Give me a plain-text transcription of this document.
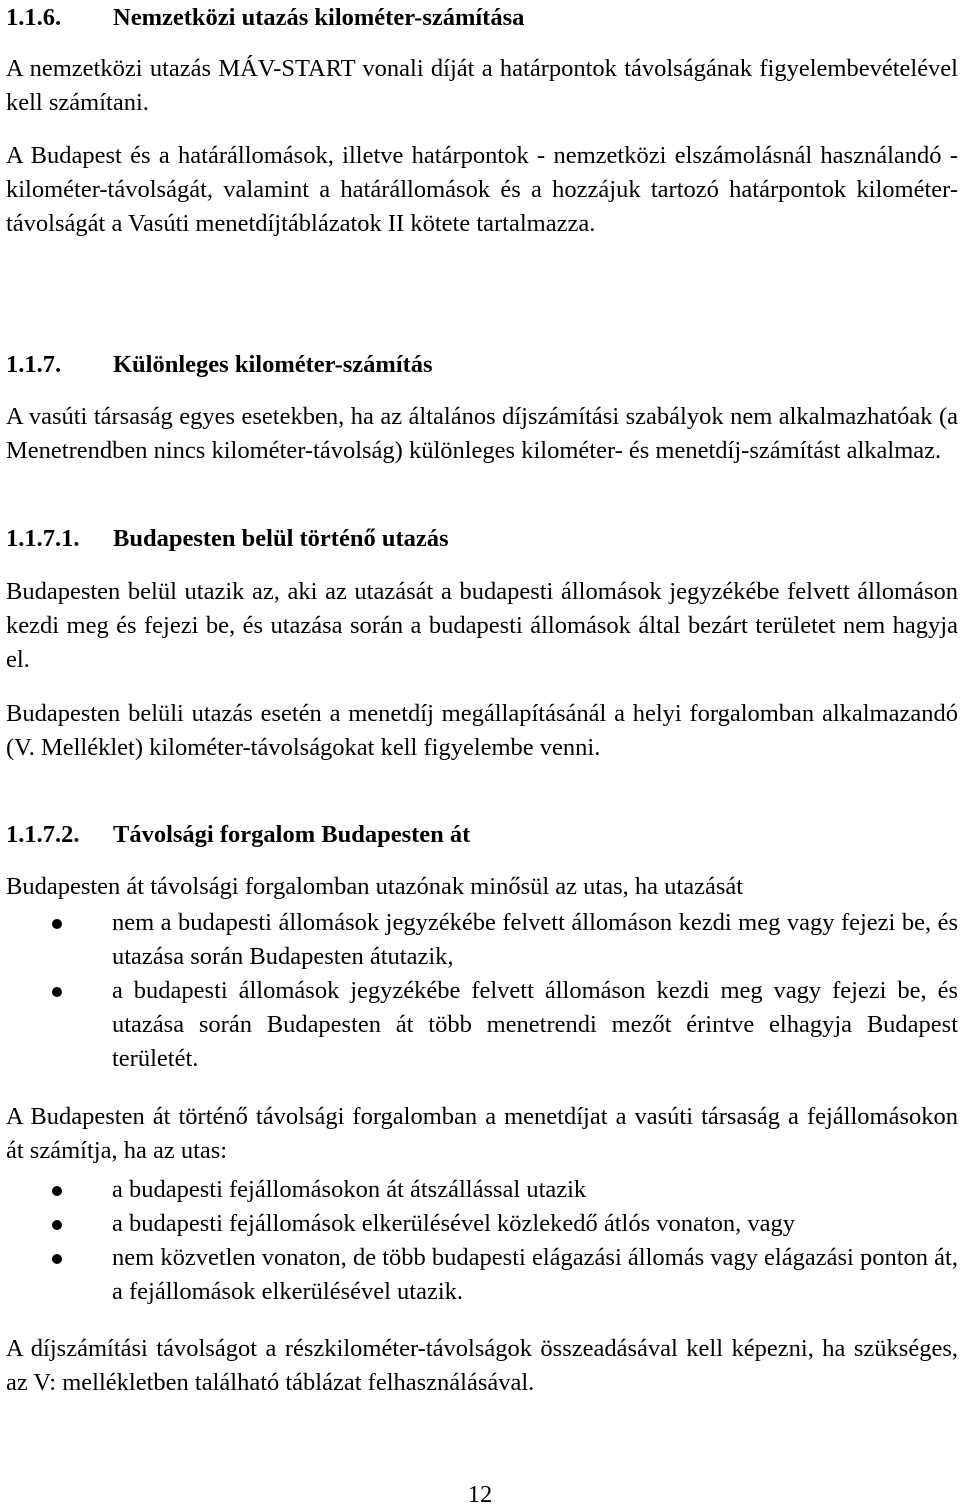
1.1.6. Nemzetközi utazás kilométer-számítása

A nemzetközi utazás MÁV-START vonali díját a határpontok távolságának figyelembevételével kell számítani.

A Budapest és a határállomások, illetve határpontok - nemzetközi elszámolásnál használandó - kilométer-távolságát, valamint a határállomások és a hozzájuk tartozó határpontok kilométer-távolságát a Vasúti menetdíjtáblázatok II kötete tartalmazza.

1.1.7. Különleges kilométer-számítás

A vasúti társaság egyes esetekben, ha az általános díjszámítási szabályok nem alkalmazhatóak (a Menetrendben nincs kilométer-távolság) különleges kilométer- és menetdíj-számítást alkalmaz.

1.1.7.1. Budapesten belül történő utazás

Budapesten belül utazik az, aki az utazását a budapesti állomások jegyzékébe felvett állomáson kezdi meg és fejezi be, és utazása során a budapesti állomások által bezárt területet nem hagyja el.

Budapesten belüli utazás esetén a menetdíj megállapításánál a helyi forgalomban alkalmazandó (V. Melléklet) kilométer-távolságokat kell figyelembe venni.

1.1.7.2. Távolsági forgalom Budapesten át

Budapesten át távolsági forgalomban utazónak minősül az utas, ha utazását

nem a budapesti állomások jegyzékébe felvett állomáson kezdi meg vagy fejezi be, és utazása során Budapesten átutazik,
a budapesti állomások jegyzékébe felvett állomáson kezdi meg vagy fejezi be, és utazása során Budapesten át több menetrendi mezőt érintve elhagyja Budapest területét.

A Budapesten át történő távolsági forgalomban a menetdíjat a vasúti társaság a fejállomásokon át számítja, ha az utas:

a budapesti fejállomásokon át átszállással utazik
a budapesti fejállomások elkerülésével közlekedő átlós vonaton, vagy
nem közvetlen vonaton, de több budapesti elágazási állomás vagy elágazási ponton át, a fejállomások elkerülésével utazik.

A díjszámítási távolságot a részkilométer-távolságok összeadásával kell képezni, ha szükséges, az V: mellékletben található táblázat felhasználásával.

12
